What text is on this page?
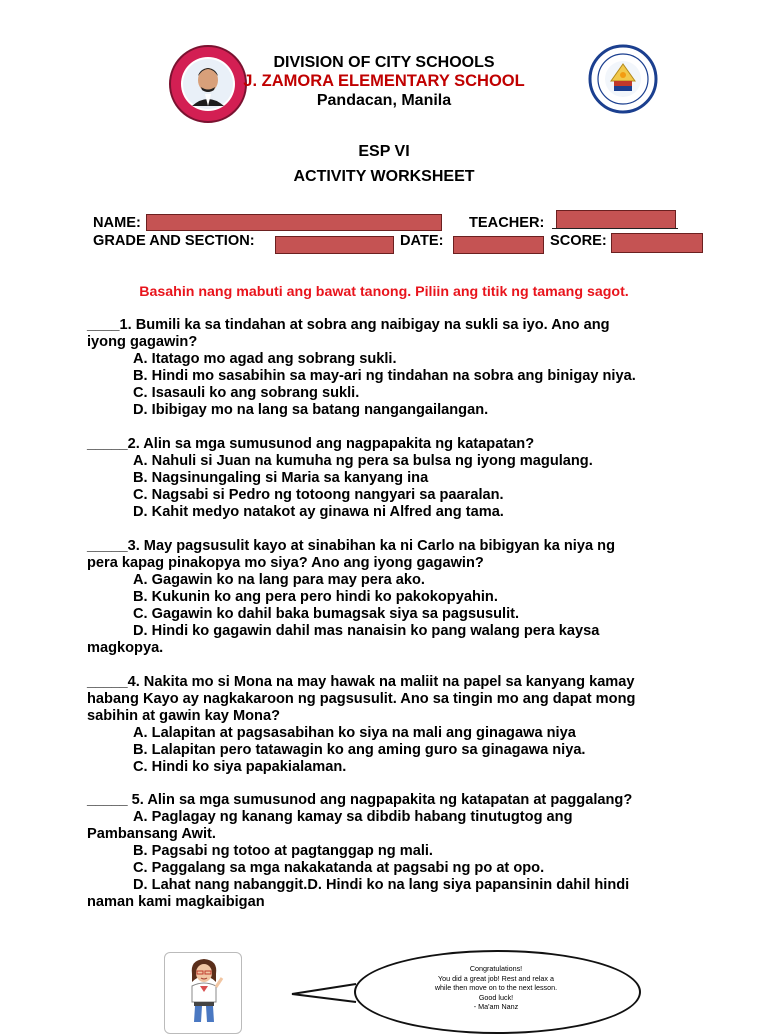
DIVISION OF CITY SCHOOLS
J. ZAMORA ELEMENTARY SCHOOL
Pandacan, Manila
ESP VI
ACTIVITY WORKSHEET
NAME:	TEACHER:
GRADE AND SECTION:	DATE:	SCORE:
Basahin nang mabuti ang bawat tanong. Piliin ang titik ng tamang sagot.
____1. Bumili ka sa tindahan at sobra ang naibigay na sukli sa iyo. Ano ang
iyong gagawin?
A. Itatago mo agad ang sobrang sukli.
B. Hindi mo sasabihin sa may-ari ng tindahan na sobra ang binigay niya.
C. Isasauli ko ang sobrang sukli.
D. Ibibigay mo na lang sa batang nangangailangan.
_____2. Alin sa mga sumusunod ang nagpapakita ng katapatan?
A. Nahuli si Juan na kumuha ng pera sa bulsa ng iyong magulang.
B. Nagsinungaling si Maria sa kanyang ina
C. Nagsabi si Pedro ng totoong nangyari sa paaralan.
D. Kahit medyo natakot ay ginawa ni Alfred ang tama.
_____3. May pagsusulit kayo at sinabihan ka ni Carlo na bibigyan ka niya ng
pera kapag pinakopya mo siya? Ano ang iyong gagawin?
A. Gagawin ko na lang para may pera ako.
B. Kukunin ko ang pera pero hindi ko pakokopyahin.
C. Gagawin ko dahil baka bumagsak siya sa pagsusulit.
D. Hindi ko gagawin dahil mas nanaisin ko pang walang pera kaysa
magkopya.
_____4. Nakita mo si Mona na may hawak na maliit na papel sa kanyang kamay
habang Kayo ay nagkakaroon ng pagsusulit. Ano sa tingin mo ang dapat mong
sabihin at gawin kay Mona?
A. Lalapitan at pagsasabihan ko siya na mali ang ginagawa niya
B. Lalapitan pero tatawagin ko ang aming guro sa ginagawa niya.
C. Hindi ko siya papakialaman.
_____ 5. Alin sa mga sumusunod ang nagpapakita ng katapatan at paggalang?
A. Paglagay ng kanang kamay sa dibdib habang tinutugtog ang
Pambansang Awit.
B. Pagsabi ng totoo at pagtanggap ng mali.
C. Paggalang sa mga nakakatanda at pagsabi ng po at opo.
D. Lahat nang nabanggit.D. Hindi ko na lang siya papansinin dahil hindi
naman kami magkaibigan
Congratulations!
You did a great job! Rest and relax a
while then move on to the next lesson.
Good luck!
- Ma'am Nanz
